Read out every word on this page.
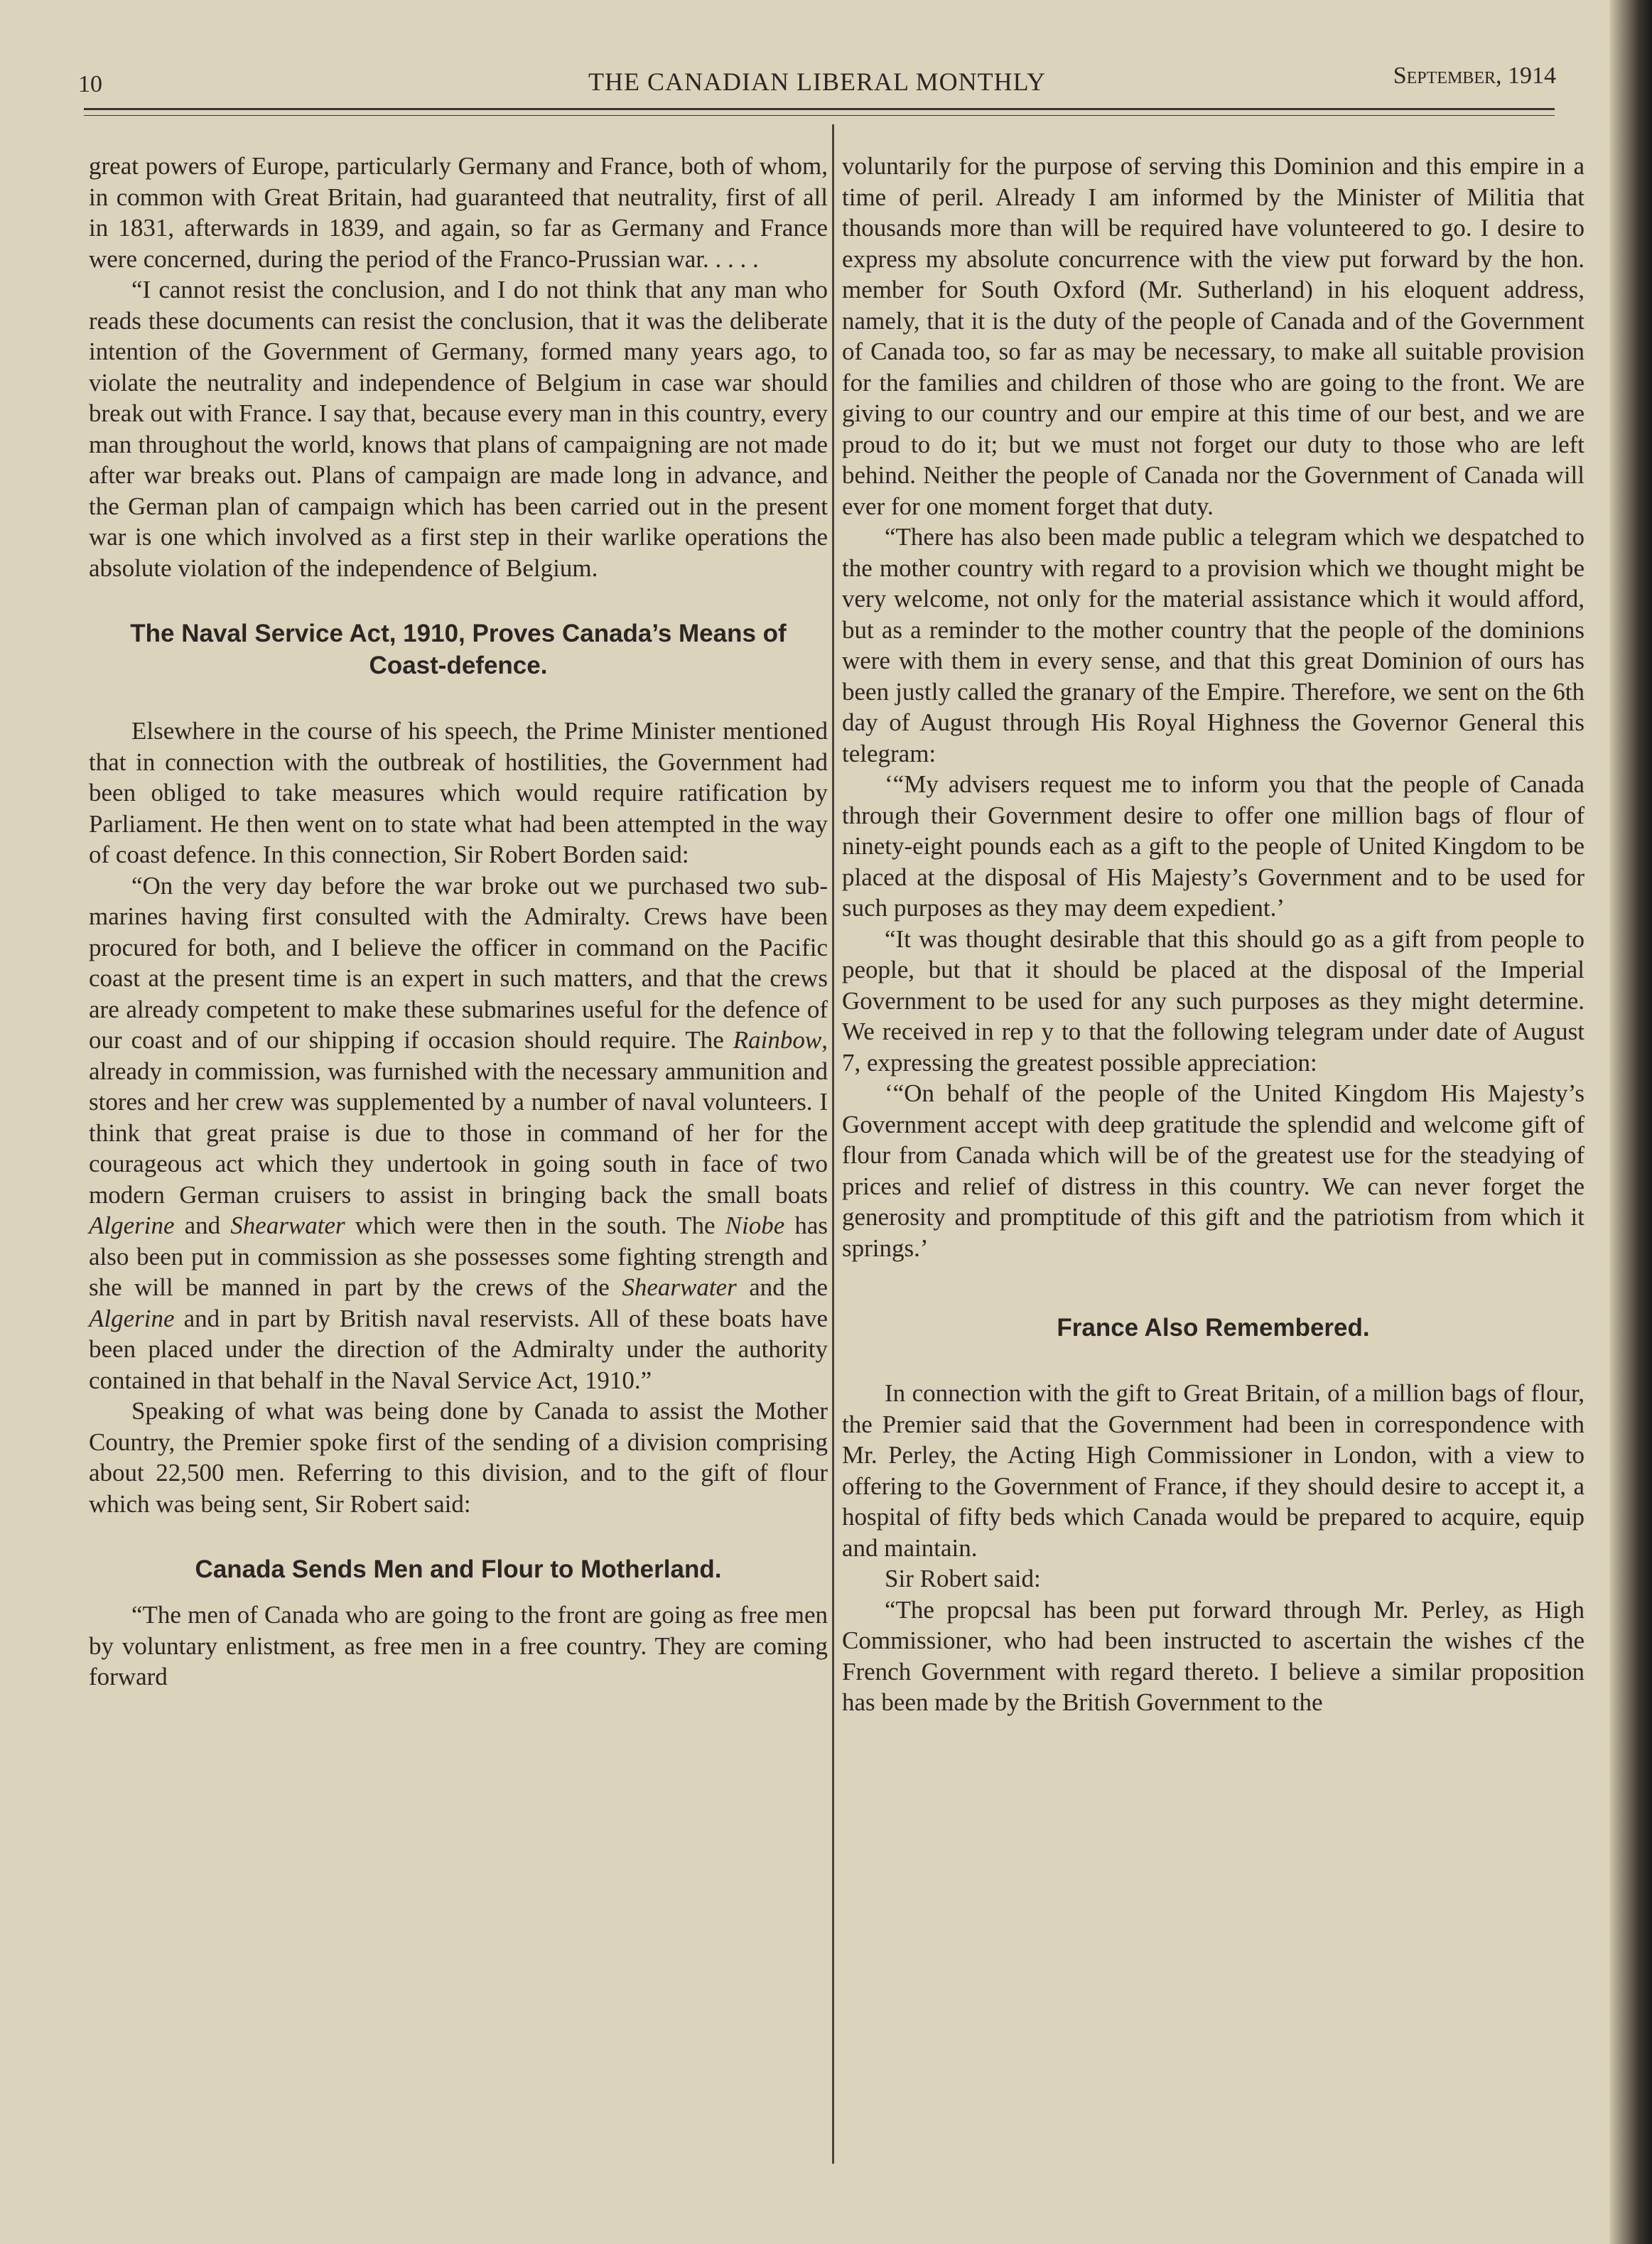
10	THE CANADIAN LIBERAL MONTHLY	September, 1914

great powers of Europe, particularly Germany and France, both of whom, in common with Great Britain, had guaranteed that neutrality, first of all in 1831, afterwards in 1839, and again, so far as Germany and France were concerned, during the period of the Franco-Prussian war. . . . .

“I cannot resist the conclusion, and I do not think that any man who reads these documents can resist the conclusion, that it was the deliberate intention of the Government of Germany, formed many years ago, to violate the neutrality and independence of Belgium in case war should break out with France. I say that, because every man in this country, every man throughout the world, knows that plans of campaigning are not made after war breaks out. Plans of campaign are made long in advance, and the German plan of campaign which has been carried out in the present war is one which involved as a first step in their warlike operations the absolute violation of the independence of Belgium.

The Naval Service Act, 1910, Proves Canada’s Means of Coast-defence.

Elsewhere in the course of his speech, the Prime Minister mentioned that in connection with the outbreak of hostilities, the Government had been obliged to take measures which would require ratification by Parliament. He then went on to state what had been attempted in the way of coast defence. In this connection, Sir Robert Borden said:

“On the very day before the war broke out we purchased two sub-marines having first consulted with the Admiralty. Crews have been procured for both, and I believe the officer in command on the Pacific coast at the present time is an expert in such matters, and that the crews are already competent to make these submarines useful for the defence of our coast and of our shipping if occasion should require. The Rainbow, already in commission, was furnished with the necessary ammunition and stores and her crew was supplemented by a number of naval volunteers. I think that great praise is due to those in command of her for the courageous act which they undertook in going south in face of two modern German cruisers to assist in bringing back the small boats Algerine and Shearwater which were then in the south. The Niobe has also been put in commission as she possesses some fighting strength and she will be manned in part by the crews of the Shearwater and the Algerine and in part by British naval reservists. All of these boats have been placed under the direction of the Admiralty under the authority contained in that behalf in the Naval Service Act, 1910.”

Speaking of what was being done by Canada to assist the Mother Country, the Premier spoke first of the sending of a division comprising about 22,500 men. Referring to this division, and to the gift of flour which was being sent, Sir Robert said:

Canada Sends Men and Flour to Motherland.

“The men of Canada who are going to the front are going as free men by voluntary enlistment, as free men in a free country. They are coming forward

voluntarily for the purpose of serving this Dominion and this empire in a time of peril. Already I am informed by the Minister of Militia that thousands more than will be required have volunteered to go. I desire to express my absolute concurrence with the view put forward by the hon. member for South Oxford (Mr. Sutherland) in his eloquent address, namely, that it is the duty of the people of Canada and of the Government of Canada too, so far as may be necessary, to make all suitable provision for the families and children of those who are going to the front. We are giving to our country and our empire at this time of our best, and we are proud to do it; but we must not forget our duty to those who are left behind. Neither the people of Canada nor the Government of Canada will ever for one moment forget that duty.

“There has also been made public a telegram which we despatched to the mother country with regard to a provision which we thought might be very welcome, not only for the material assistance which it would afford, but as a reminder to the mother country that the people of the dominions were with them in every sense, and that this great Dominion of ours has been justly called the granary of the Empire. Therefore, we sent on the 6th day of August through His Royal Highness the Governor General this telegram:

‘“My advisers request me to inform you that the people of Canada through their Government desire to offer one million bags of flour of ninety-eight pounds each as a gift to the people of United Kingdom to be placed at the disposal of His Majesty’s Government and to be used for such purposes as they may deem expedient.’

“It was thought desirable that this should go as a gift from people to people, but that it should be placed at the disposal of the Imperial Government to be used for any such purposes as they might determine. We received in rep y to that the following telegram under date of August 7, expressing the greatest possible appreciation:

‘“On behalf of the people of the United Kingdom His Majesty’s Government accept with deep gratitude the splendid and welcome gift of flour from Canada which will be of the greatest use for the steadying of prices and relief of distress in this country. We can never forget the generosity and promptitude of this gift and the patriotism from which it springs.’

France Also Remembered.

In connection with the gift to Great Britain, of a million bags of flour, the Premier said that the Government had been in correspondence with Mr. Perley, the Acting High Commissioner in London, with a view to offering to the Government of France, if they should desire to accept it, a hospital of fifty beds which Canada would be prepared to acquire, equip and maintain.

Sir Robert said:

“The propcsal has been put forward through Mr. Perley, as High Commissioner, who had been instructed to ascertain the wishes cf the French Government with regard thereto. I believe a similar proposition has been made by the British Government to the
